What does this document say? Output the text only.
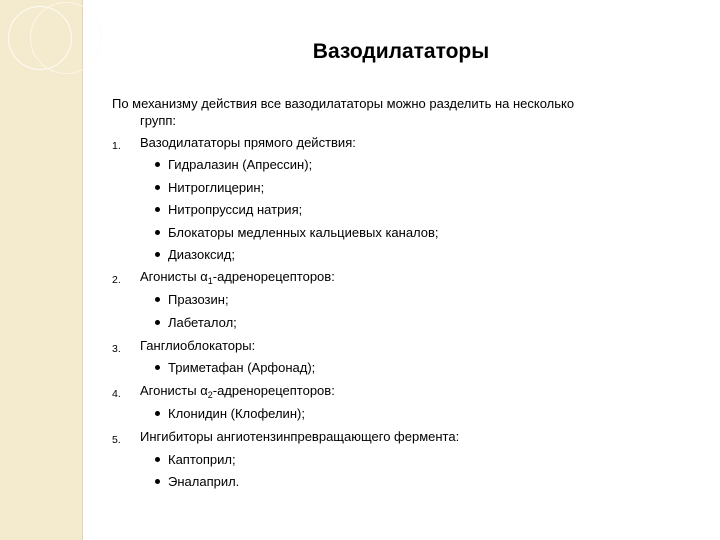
Вазодилататоры
По механизму действия все вазодилататоры можно разделить на несколько
групп:
1. Вазодилататоры прямого действия:
Гидралазин (Апрессин);
Нитроглицерин;
Нитропруссид натрия;
Блокаторы медленных кальциевых каналов;
Диазоксид;
2. Агонисты $\alpha_1$-адренорецепторов:
Празозин;
Лабеталол;
3. Ганглиоблокаторы:
Триметафан (Арфонад);
4. Агонисты $\alpha_2$-адренорецепторов:
Клонидин (Клофелин);
5. Ингибиторы ангиотензинпревращающего фермента:
Каптоприл;
Эналаприл.
